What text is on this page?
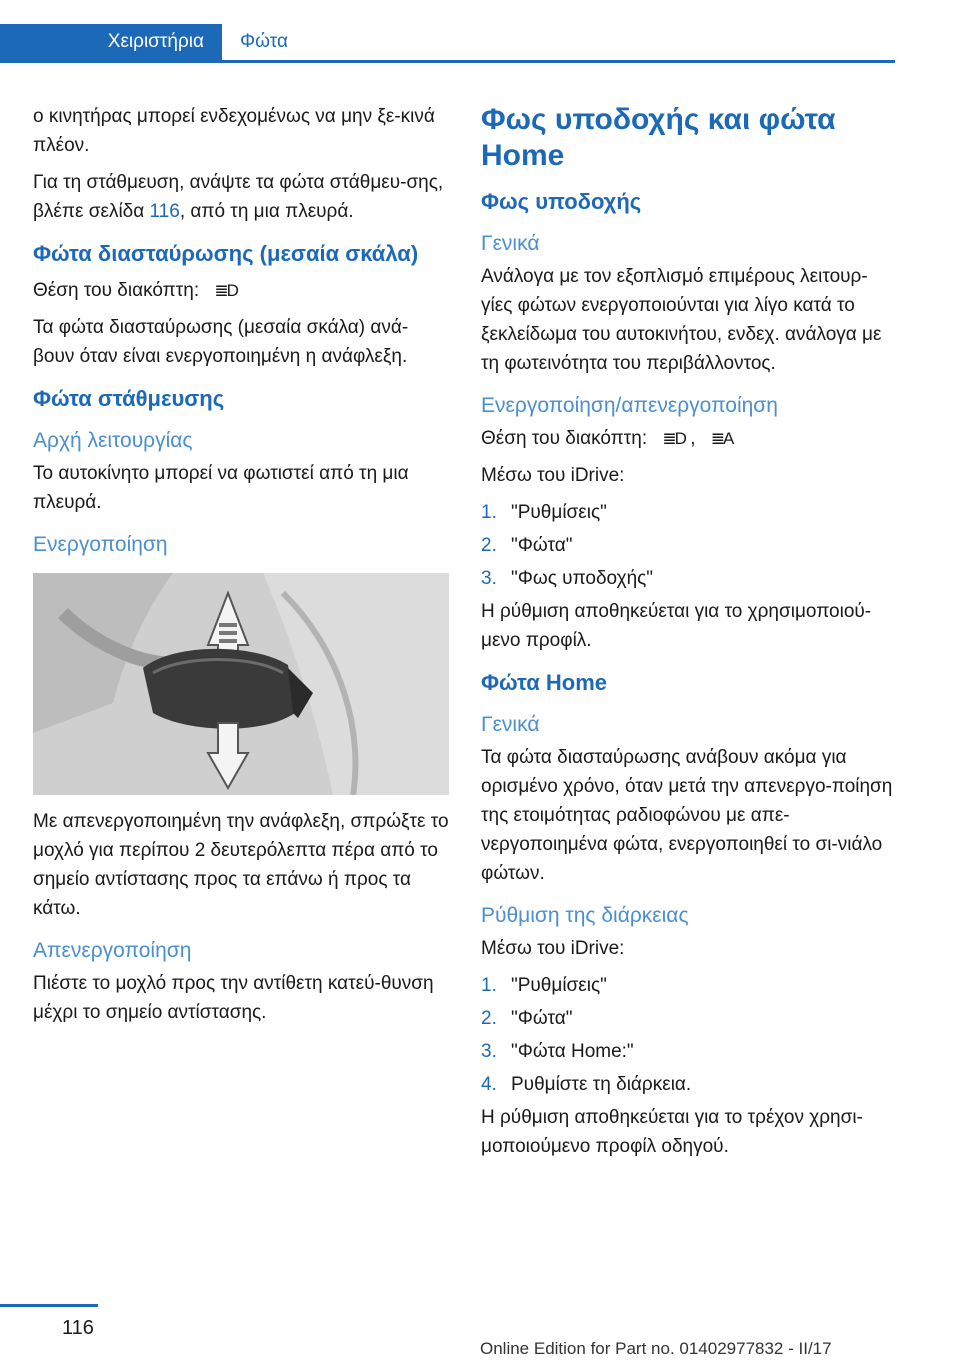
Χειριστήρια	Φώτα

ο κινητήρας μπορεί ενδεχομένως να μην ξε‐κινά πλέον.

Για τη στάθμευση, ανάψτε τα φώτα στάθμευ‐σης, βλέπε σελίδα 116, από τη μια πλευρά.

Φώτα διασταύρωσης (μεσαία σκάλα)

Θέση του διακόπτη: ≣D

Τα φώτα διασταύρωσης (μεσαία σκάλα) ανά‐βουν όταν είναι ενεργοποιημένη η ανάφλεξη.

Φώτα στάθμευσης
Αρχή λειτουργίας

Το αυτοκίνητο μπορεί να φωτιστεί από τη μια πλευρά.

Ενεργοποίηση

Με απενεργοποιημένη την ανάφλεξη, σπρώξτε το μοχλό για περίπου 2 δευτερόλεπτα πέρα από το σημείο αντίστασης προς τα επάνω ή προς τα κάτω.

Απενεργοποίηση

Πιέστε το μοχλό προς την αντίθετη κατεύ‐θυνση μέχρι το σημείο αντίστασης.

Φως υποδοχής και φώτα Home
Φως υποδοχής
Γενικά

Ανάλογα με τον εξοπλισμό επιμέρους λειτουρ‐γίες φώτων ενεργοποιούνται για λίγο κατά το ξεκλείδωμα του αυτοκινήτου, ενδεχ. ανάλογα με τη φωτεινότητα του περιβάλλοντος.

Ενεργοποίηση/απενεργοποίηση

Θέση του διακόπτη: ≣D , ≣A

Μέσω του iDrive:

1. "Ρυθμίσεις"
2. "Φώτα"
3. "Φως υποδοχής"

Η ρύθμιση αποθηκεύεται για το χρησιμοποιού‐μενο προφίλ.

Φώτα Home
Γενικά

Τα φώτα διασταύρωσης ανάβουν ακόμα για ορισμένο χρόνο, όταν μετά την απενεργο‐ποίηση της ετοιμότητας ραδιοφώνου με απε‐νεργοποιημένα φώτα, ενεργοποιηθεί το σι‐νιάλο φώτων.

Ρύθμιση της διάρκειας

Μέσω του iDrive:

1. "Ρυθμίσεις"
2. "Φώτα"
3. "Φώτα Home:"
4. Ρυθμίστε τη διάρκεια.

Η ρύθμιση αποθηκεύεται για το τρέχον χρησι‐μοποιούμενο προφίλ οδηγού.

116
Online Edition for Part no. 01402977832 - II/17
